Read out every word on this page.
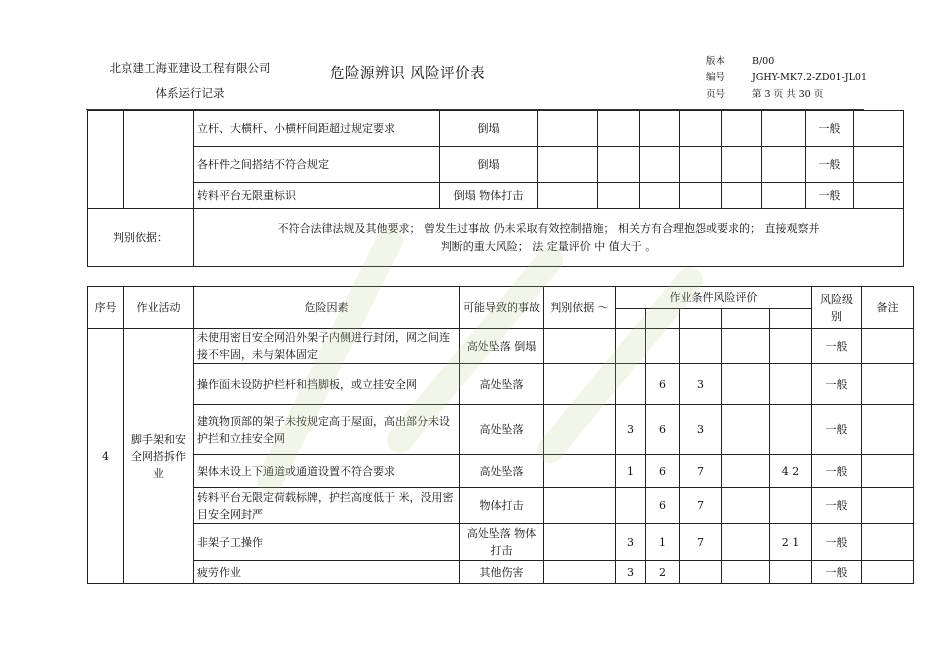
北京建工海亚建设工程有限公司
体系运行记录
危险源辨识 风险评价表
版本	B/00
编号	JGHY-MK7.2-ZD01-JL01
页号	第 3 页 共 30 页
		立杆、大横杆、小横杆间距超过规定要求	倒塌							一般	
		各杆件之间搭结不符合规定	倒塌							一般	
		转料平台无限重标识	倒塌 物体打击							一般	
判别依据：		不符合法律法规及其他要求； 曾发生过事故 仍未采取有效控制措施； 相关方有合理抱怨或要求的； 直接观察并
判断的重大风险； 法 定量评价 中 值大于 。									
序号	作业活动	危险因素	可能导致的事故	判别依据 ～	作业条件风险评价					风险级别	备注

4	脚手架和安全网搭拆作业	未使用密目安全网沿外架子内侧进行封闭，网之间连接不牢固，未与架体固定	高处坠落 倒塌							一般	
		操作面未设防护栏杆和挡脚板，或立挂安全网	高处坠落			6	3			一般	
		建筑物顶部的架子未按规定高于屋面，高出部分未设护拦和立挂安全网	高处坠落		3	6	3			一般	
		架体未设上下通道或通道设置不符合要求	高处坠落		1	6	7		4 2	一般	
		转料平台无限定荷载标牌，护拦高度低于 米，没用密目安全网封严	物体打击			6	7			一般	
		非架子工操作	高处坠落 物体打击		3	1	7		2 1	一般	
		疲劳作业	其他伤害		3	2				一般	
